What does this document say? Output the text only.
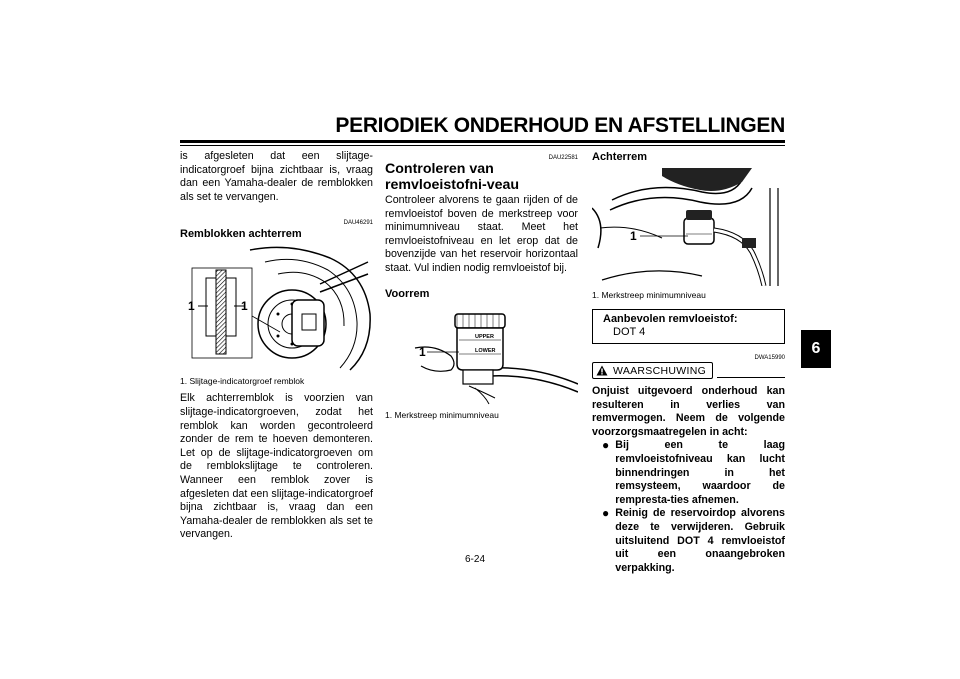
PERIODIEK ONDERHOUD EN AFSTELLINGEN
6

is afgesleten dat een slijtage-indicatorgroef bijna zichtbaar is, vraag dan een Yamaha-dealer de remblokken als set te vervangen.

DAU46291
Remblokken achterrem
1	1
1. Slijtage-indicatorgroef remblok

Elk achterremblok is voorzien van slijtage-indicatorgroeven, zodat het remblok kan worden gecontroleerd zonder de rem te hoeven demonteren. Let op de slijtage-indicatorgroeven om de remblokslijtage te controleren. Wanneer een remblok zover is afgesleten dat een slijtage-indicatorgroef bijna zichtbaar is, vraag dan een Yamaha-dealer de remblokken als set te vervangen.

DAU22581
Controleren van remvloeistofni-veau

Controleer alvorens te gaan rijden of de remvloeistof boven de merkstreep voor minimumniveau staat. Meet het remvloeistofniveau en let erop dat de bovenzijde van het reservoir horizontaal staat. Vul indien nodig remvloeistof bij.

Voorrem
UPPER
LOWER
1
1. Merkstreep minimumniveau
Achterrem
1
1. Merkstreep minimumniveau
Aanbevolen remvloeistof:
DOT 4
DWA15990
WAARSCHUWING

Onjuist uitgevoerd onderhoud kan resulteren in verlies van remvermogen. Neem de volgende voorzorgsmaatregelen in acht:

● Bij een te laag remvloeistofniveau kan lucht binnendringen in het remsysteem, waardoor de rempresta-ties afnemen.

● Reinig de reservoirdop alvorens deze te verwijderen. Gebruik uitsluitend DOT 4 remvloeistof uit een onaangebroken verpakking.

6-24
